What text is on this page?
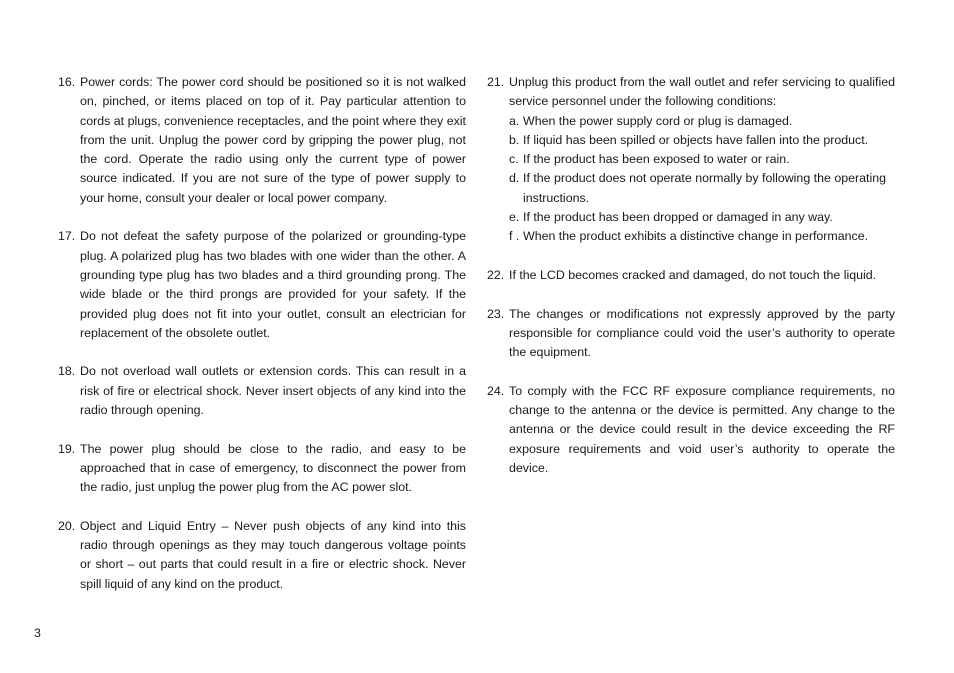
16. Power cords: The power cord should be positioned so it is not walked on, pinched, or items placed on top of it. Pay particular attention to cords at plugs, convenience receptacles, and the point where they exit from the unit. Unplug the power cord by gripping the power plug, not the cord. Operate the radio using only the current type of power source indicated. If you are not sure of the type of power supply to your home, consult your dealer or local power company.
17. Do not defeat the safety purpose of the polarized or grounding-type plug. A polarized plug has two blades with one wider than the other. A grounding type plug has two blades and a third grounding prong. The wide blade or the third prongs are provided for your safety. If the provided plug does not fit into your outlet, consult an electrician for replacement of the obsolete outlet.
18. Do not overload wall outlets or extension cords. This can result in a risk of fire or electrical shock. Never insert objects of any kind into the radio through opening.
19. The power plug should be close to the radio, and easy to be approached that in case of emergency, to disconnect the power from the radio, just unplug the power plug from the AC power slot.
20. Object and Liquid Entry – Never push objects of any kind into this radio through openings as they may touch dangerous voltage points or short – out parts that could result in a fire or electric shock. Never spill liquid of any kind on the product.
21. Unplug this product from the wall outlet and refer servicing to qualified service personnel under the following conditions:
a. When the power supply cord or plug is damaged.
b. If liquid has been spilled or objects have fallen into the product.
c. If the product has been exposed to water or rain.
d. If the product does not operate normally by following the operating instructions.
e. If the product has been dropped or damaged in any way.
f . When the product exhibits a distinctive change in performance.
22. If the LCD becomes cracked and damaged, do not touch the liquid.
23. The changes or modifications not expressly approved by the party responsible for compliance could void the user’s authority to operate the equipment.
24. To comply with the FCC RF exposure compliance requirements, no change to the antenna or the device is permitted. Any change to the antenna or the device could result in the device exceeding the RF exposure requirements and void user’s authority to operate the device.
3
